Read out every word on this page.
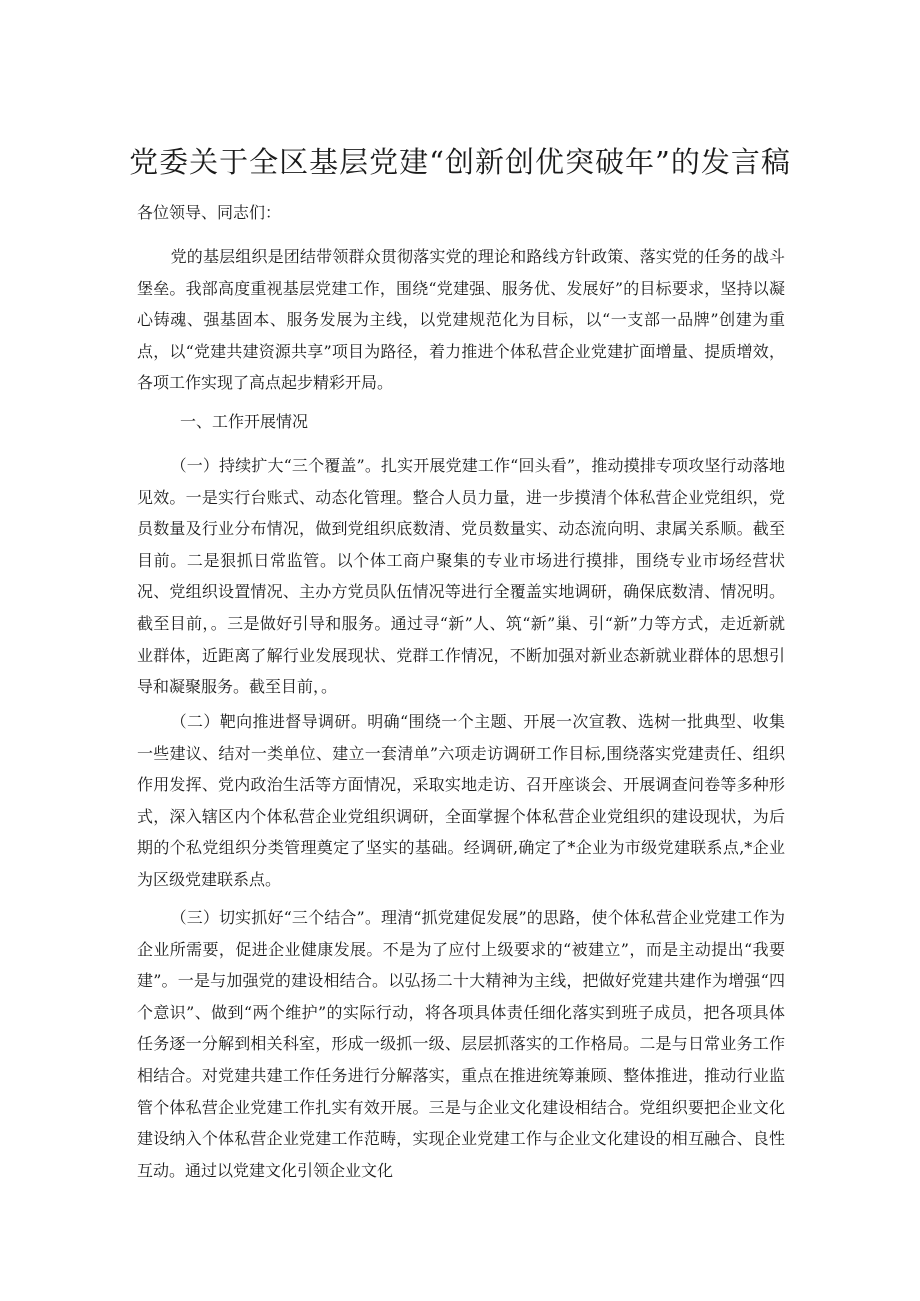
党委关于全区基层党建“创新创优突破年”的发言稿

各位领导、同志们：

党的基层组织是团结带领群众贯彻落实党的理论和路线方针政策、落实党的任务的战斗堡垒。我部高度重视基层党建工作，围绕“党建强、服务优、发展好”的目标要求，坚持以凝心铸魂、强基固本、服务发展为主线，以党建规范化为目标，以“一支部一品牌”创建为重点，以“党建共建资源共享”项目为路径，着力推进个体私营企业党建扩面增量、提质增效，各项工作实现了高点起步精彩开局。

一、工作开展情况

（一）持续扩大“三个覆盖”。扎实开展党建工作“回头看”，推动摸排专项攻坚行动落地见效。一是实行台账式、动态化管理。整合人员力量，进一步摸清个体私营企业党组织，党员数量及行业分布情况，做到党组织底数清、党员数量实、动态流向明、隶属关系顺。截至目前。二是狠抓日常监管。以个体工商户聚集的专业市场进行摸排，围绕专业市场经营状况、党组织设置情况、主办方党员队伍情况等进行全覆盖实地调研，确保底数清、情况明。截至目前，。三是做好引导和服务。通过寻“新”人、筑“新”巢、引“新”力等方式，走近新就业群体，近距离了解行业发展现状、党群工作情况，不断加强对新业态新就业群体的思想引导和凝聚服务。截至目前，。

（二）靶向推进督导调研。明确“围绕一个主题、开展一次宣教、选树一批典型、收集一些建议、结对一类单位、建立一套清单”六项走访调研工作目标,围绕落实党建责任、组织作用发挥、党内政治生活等方面情况，采取实地走访、召开座谈会、开展调查问卷等多种形式，深入辖区内个体私营企业党组织调研，全面掌握个体私营企业党组织的建设现状，为后期的个私党组织分类管理奠定了坚实的基础。经调研,确定了*企业为市级党建联系点,*企业为区级党建联系点。

（三）切实抓好“三个结合”。理清“抓党建促发展”的思路，使个体私营企业党建工作为企业所需要，促进企业健康发展。不是为了应付上级要求的“被建立”，而是主动提出“我要建”。一是与加强党的建设相结合。以弘扬二十大精神为主线，把做好党建共建作为增强“四个意识”、做到“两个维护”的实际行动，将各项具体责任细化落实到班子成员，把各项具体任务逐一分解到相关科室，形成一级抓一级、层层抓落实的工作格局。二是与日常业务工作相结合。对党建共建工作任务进行分解落实，重点在推进统筹兼顾、整体推进，推动行业监管个体私营企业党建工作扎实有效开展。三是与企业文化建设相结合。党组织要把企业文化建设纳入个体私营企业党建工作范畴，实现企业党建工作与企业文化建设的相互融合、良性互动。通过以党建文化引领企业文化
